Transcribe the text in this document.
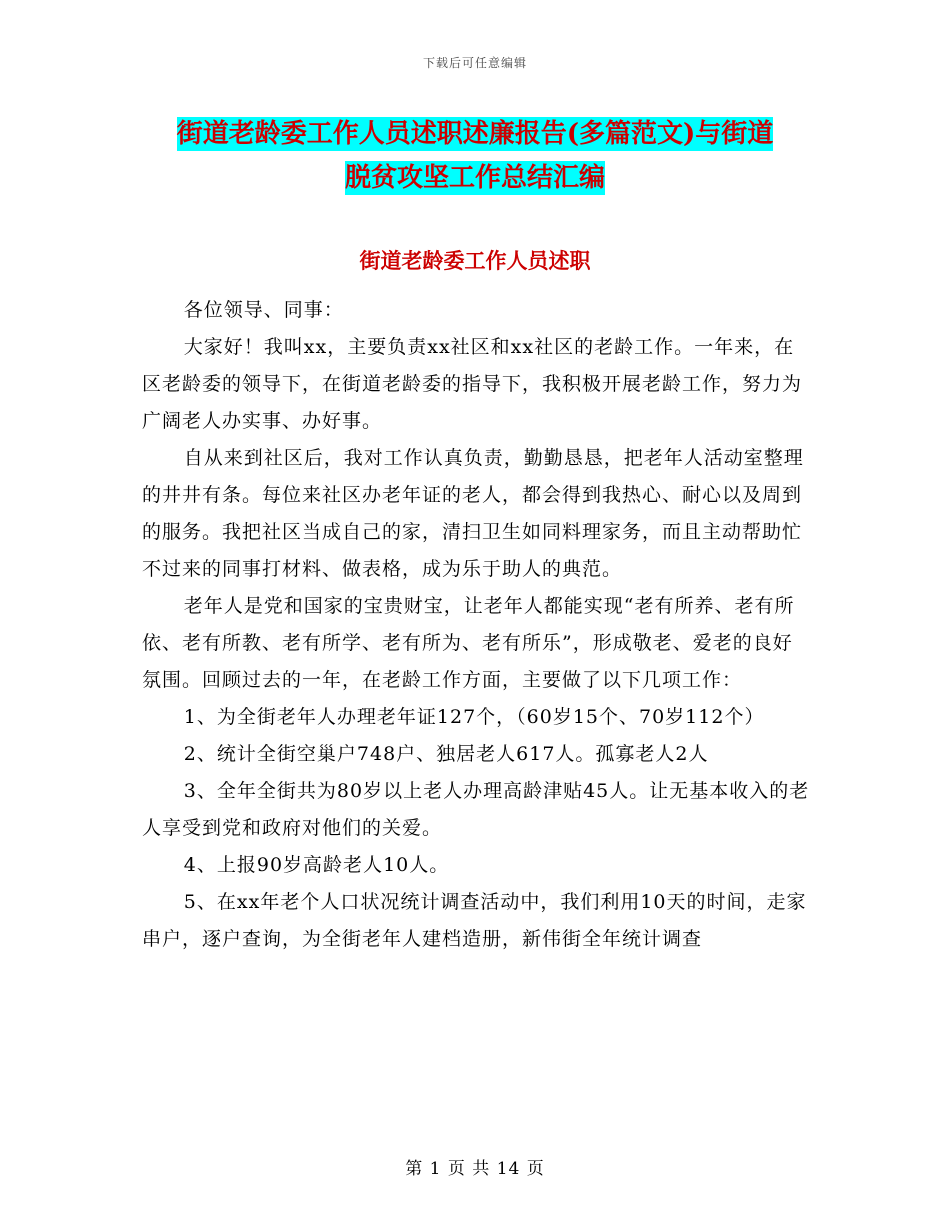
下载后可任意编辑
街道老龄委工作人员述职述廉报告(多篇范文)与街道
脱贫攻坚工作总结汇编
街道老龄委工作人员述职

各位领导、同事：

大家好！我叫xx，主要负责xx社区和xx社区的老龄工作。一年来，在区老龄委的领导下，在街道老龄委的指导下，我积极开展老龄工作，努力为广阔老人办实事、办好事。

自从来到社区后，我对工作认真负责，勤勤恳恳，把老年人活动室整理的井井有条。每位来社区办老年证的老人，都会得到我热心、耐心以及周到的服务。我把社区当成自己的家，清扫卫生如同料理家务，而且主动帮助忙不过来的同事打材料、做表格，成为乐于助人的典范。

老年人是党和国家的宝贵财宝，让老年人都能实现“老有所养、老有所依、老有所教、老有所学、老有所为、老有所乐”，形成敬老、爱老的良好氛围。回顾过去的一年，在老龄工作方面，主要做了以下几项工作：

1、为全街老年人办理老年证127个，（60岁15个、70岁112个）

2、统计全街空巢户748户、独居老人617人。孤寡老人2人

3、全年全街共为80岁以上老人办理高龄津贴45人。让无基本收入的老人享受到党和政府对他们的关爱。

4、上报90岁高龄老人10人。

5、在xx年老个人口状况统计调查活动中，我们利用10天的时间，走家串户，逐户查询，为全街老年人建档造册，新伟街全年统计调查

第 1 页 共 14 页
